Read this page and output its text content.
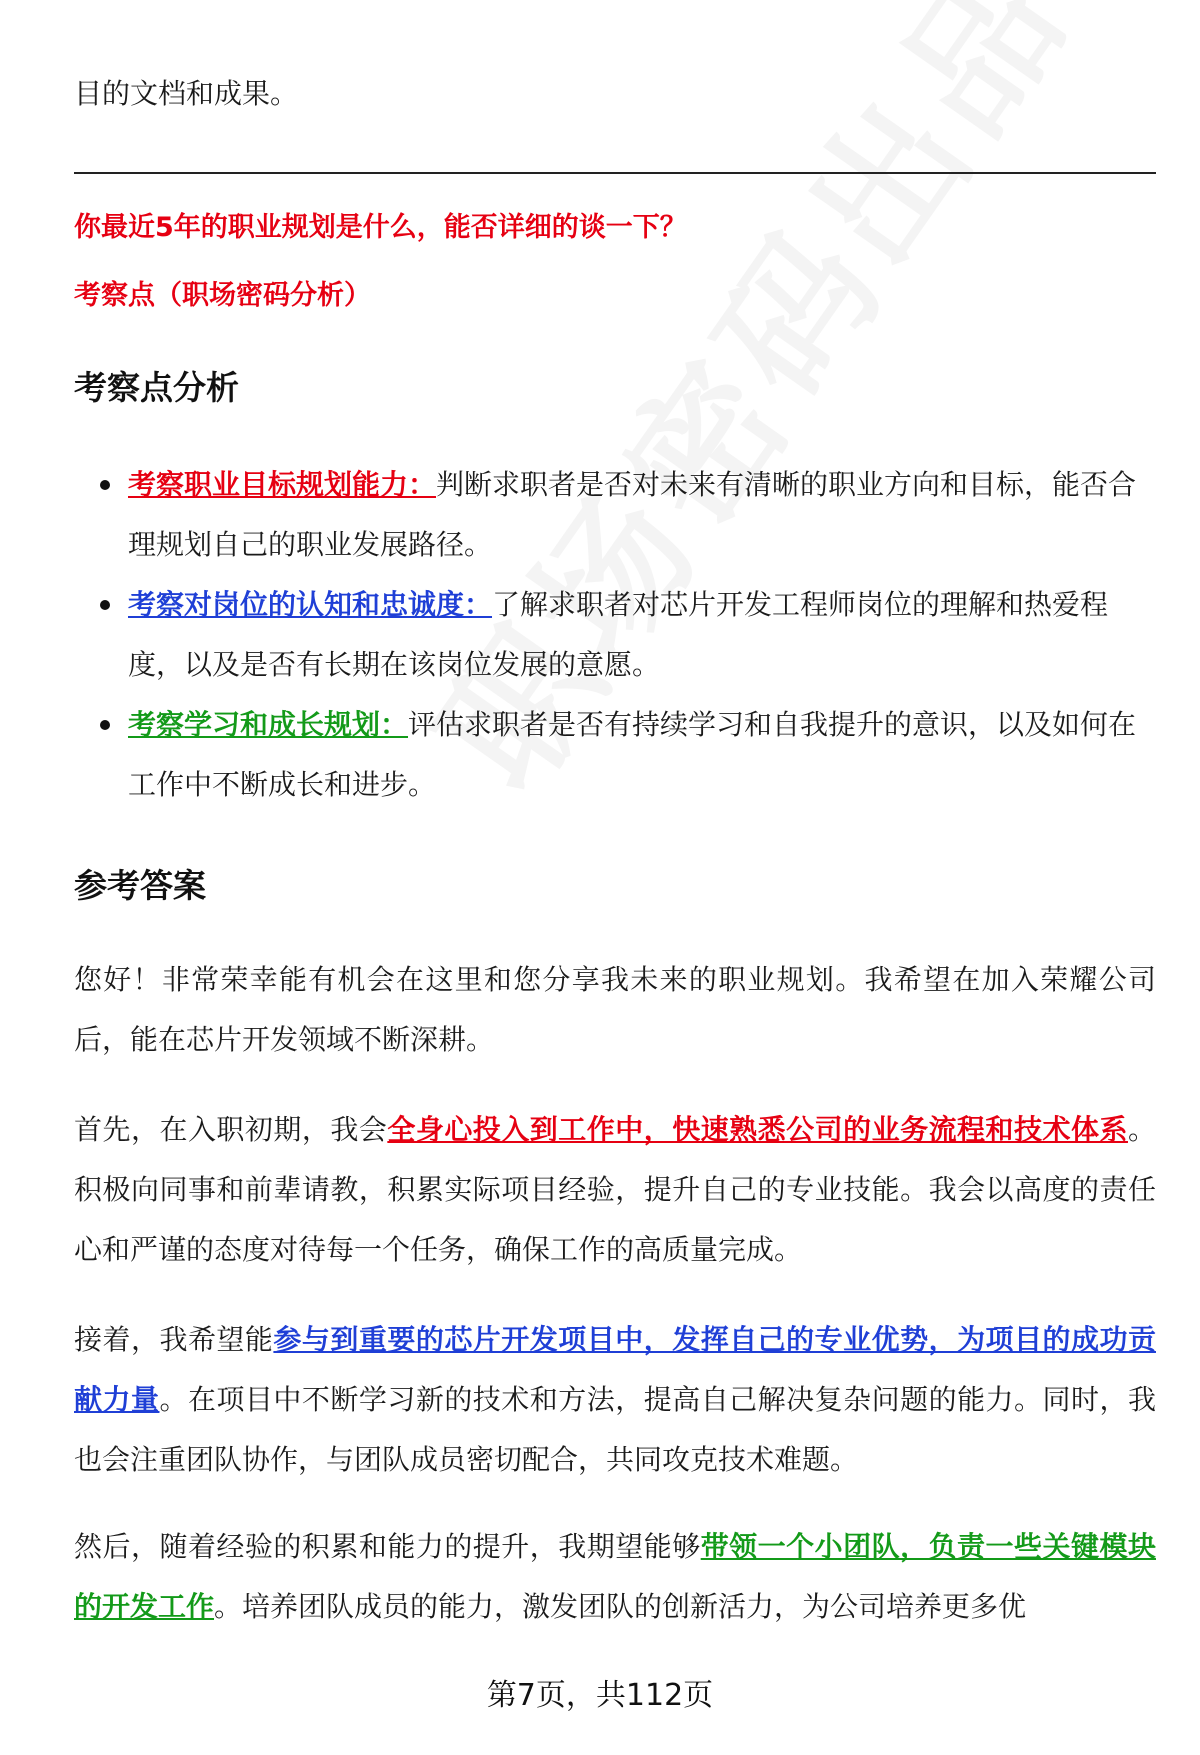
目的文档和成果。

你最近5年的职业规划是什么，能否详细的谈一下？

考察点（职场密码分析）

考察点分析
考察职业目标规划能力：判断求职者是否对未来有清晰的职业方向和目标，能否合理规划自己的职业发展路径。
考察对岗位的认知和忠诚度：了解求职者对芯片开发工程师岗位的理解和热爱程度，以及是否有长期在该岗位发展的意愿。
考察学习和成长规划：评估求职者是否有持续学习和自我提升的意识，以及如何在工作中不断成长和进步。
参考答案

您好！非常荣幸能有机会在这里和您分享我未来的职业规划。我希望在加入荣耀公司后，能在芯片开发领域不断深耕。

首先，在入职初期，我会全身心投入到工作中，快速熟悉公司的业务流程和技术体系。积极向同事和前辈请教，积累实际项目经验，提升自己的专业技能。我会以高度的责任心和严谨的态度对待每一个任务，确保工作的高质量完成。

接着，我希望能参与到重要的芯片开发项目中，发挥自己的专业优势，为项目的成功贡献力量。在项目中不断学习新的技术和方法，提高自己解决复杂问题的能力。同时，我也会注重团队协作，与团队成员密切配合，共同攻克技术难题。

然后，随着经验的积累和能力的提升，我期望能够带领一个小团队，负责一些关键模块的开发工作。培养团队成员的能力，激发团队的创新活力，为公司培养更多优

第7页，共112页
